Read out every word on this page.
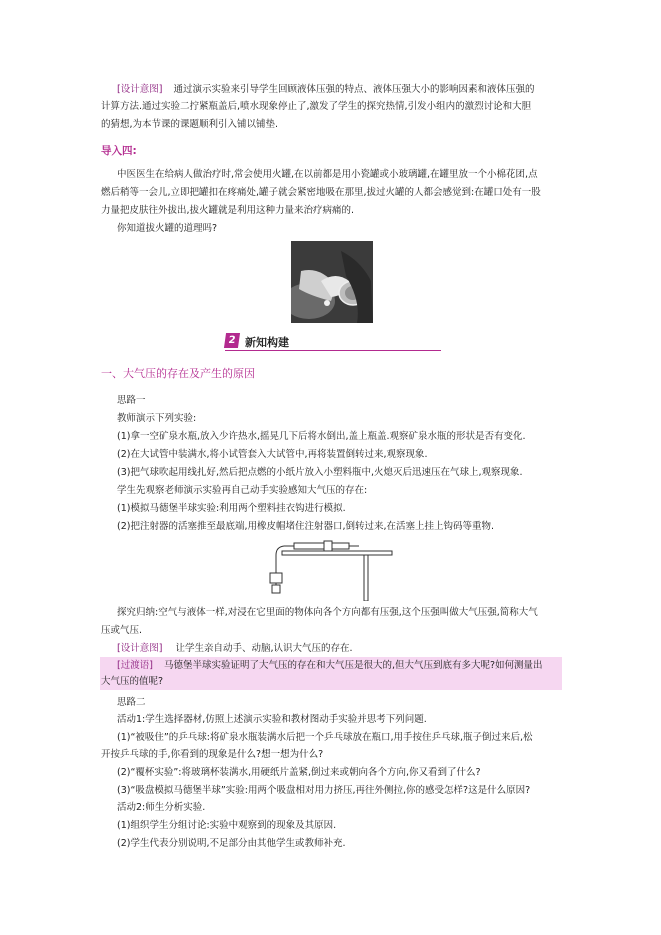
[设计意图] 通过演示实验来引导学生回顾液体压强的特点、液体压强大小的影响因素和液体压强的
计算方法.通过实验二拧紧瓶盖后,喷水现象停止了,激发了学生的探究热情,引发小组内的激烈讨论和大胆
的猜想,为本节课的课题顺利引入铺以铺垫.
导入四:
中医医生在给病人做治疗时,常会使用火罐,在以前都是用小瓷罐或小玻璃罐,在罐里放一个小棉花团,点
燃后稍等一会儿,立即把罐扣在疼痛处,罐子就会紧密地吸在那里,拔过火罐的人都会感觉到:在罐口处有一股
力量把皮肤往外拔出,拔火罐就是利用这种力量来治疗病痛的.
你知道拔火罐的道理吗?
2 新知构建
一、大气压的存在及产生的原因
思路一
教师演示下列实验:
(1)拿一空矿泉水瓶,放入少许热水,摇晃几下后将水倒出,盖上瓶盖.观察矿泉水瓶的形状是否有变化.
(2)在大试管中装满水,将小试管套入大试管中,再将装置倒转过来,观察现象.
(3)把气球吹起用线扎好,然后把点燃的小纸片放入小塑料瓶中,火熄灭后迅速压在气球上,观察现象.
学生先观察老师演示实验再自己动手实验感知大气压的存在:
(1)模拟马德堡半球实验:利用两个塑料挂衣钩进行模拟.
(2)把注射器的活塞推至最底端,用橡皮帽堵住注射器口,倒转过来,在活塞上挂上钩码等重物.
探究归纳:空气与液体一样,对浸在它里面的物体向各个方向都有压强,这个压强叫做大气压强,简称大气
压或气压.
[设计意图] 让学生亲自动手、动脑,认识大气压的存在.
[过渡语] 马德堡半球实验证明了大气压的存在和大气压是很大的,但大气压到底有多大呢?如何测量出
大气压的值呢?
思路二
活动1:学生选择器材,仿照上述演示实验和教材图动手实验并思考下列问题.
(1)“被吸住”的乒乓球:将矿泉水瓶装满水后把一个乒乓球放在瓶口,用手按住乒乓球,瓶子倒过来后,松
开按乒乓球的手,你看到的现象是什么?想一想为什么?
(2)“覆杯实验”:将玻璃杯装满水,用硬纸片盖紧,倒过来或朝向各个方向,你又看到了什么?
(3)“吸盘模拟马德堡半球”实验:用两个吸盘相对用力挤压,再往外侧拉,你的感受怎样?这是什么原因?
活动2:师生分析实验.
(1)组织学生分组讨论:实验中观察到的现象及其原因.
(2)学生代表分别说明,不足部分由其他学生或教师补充.
